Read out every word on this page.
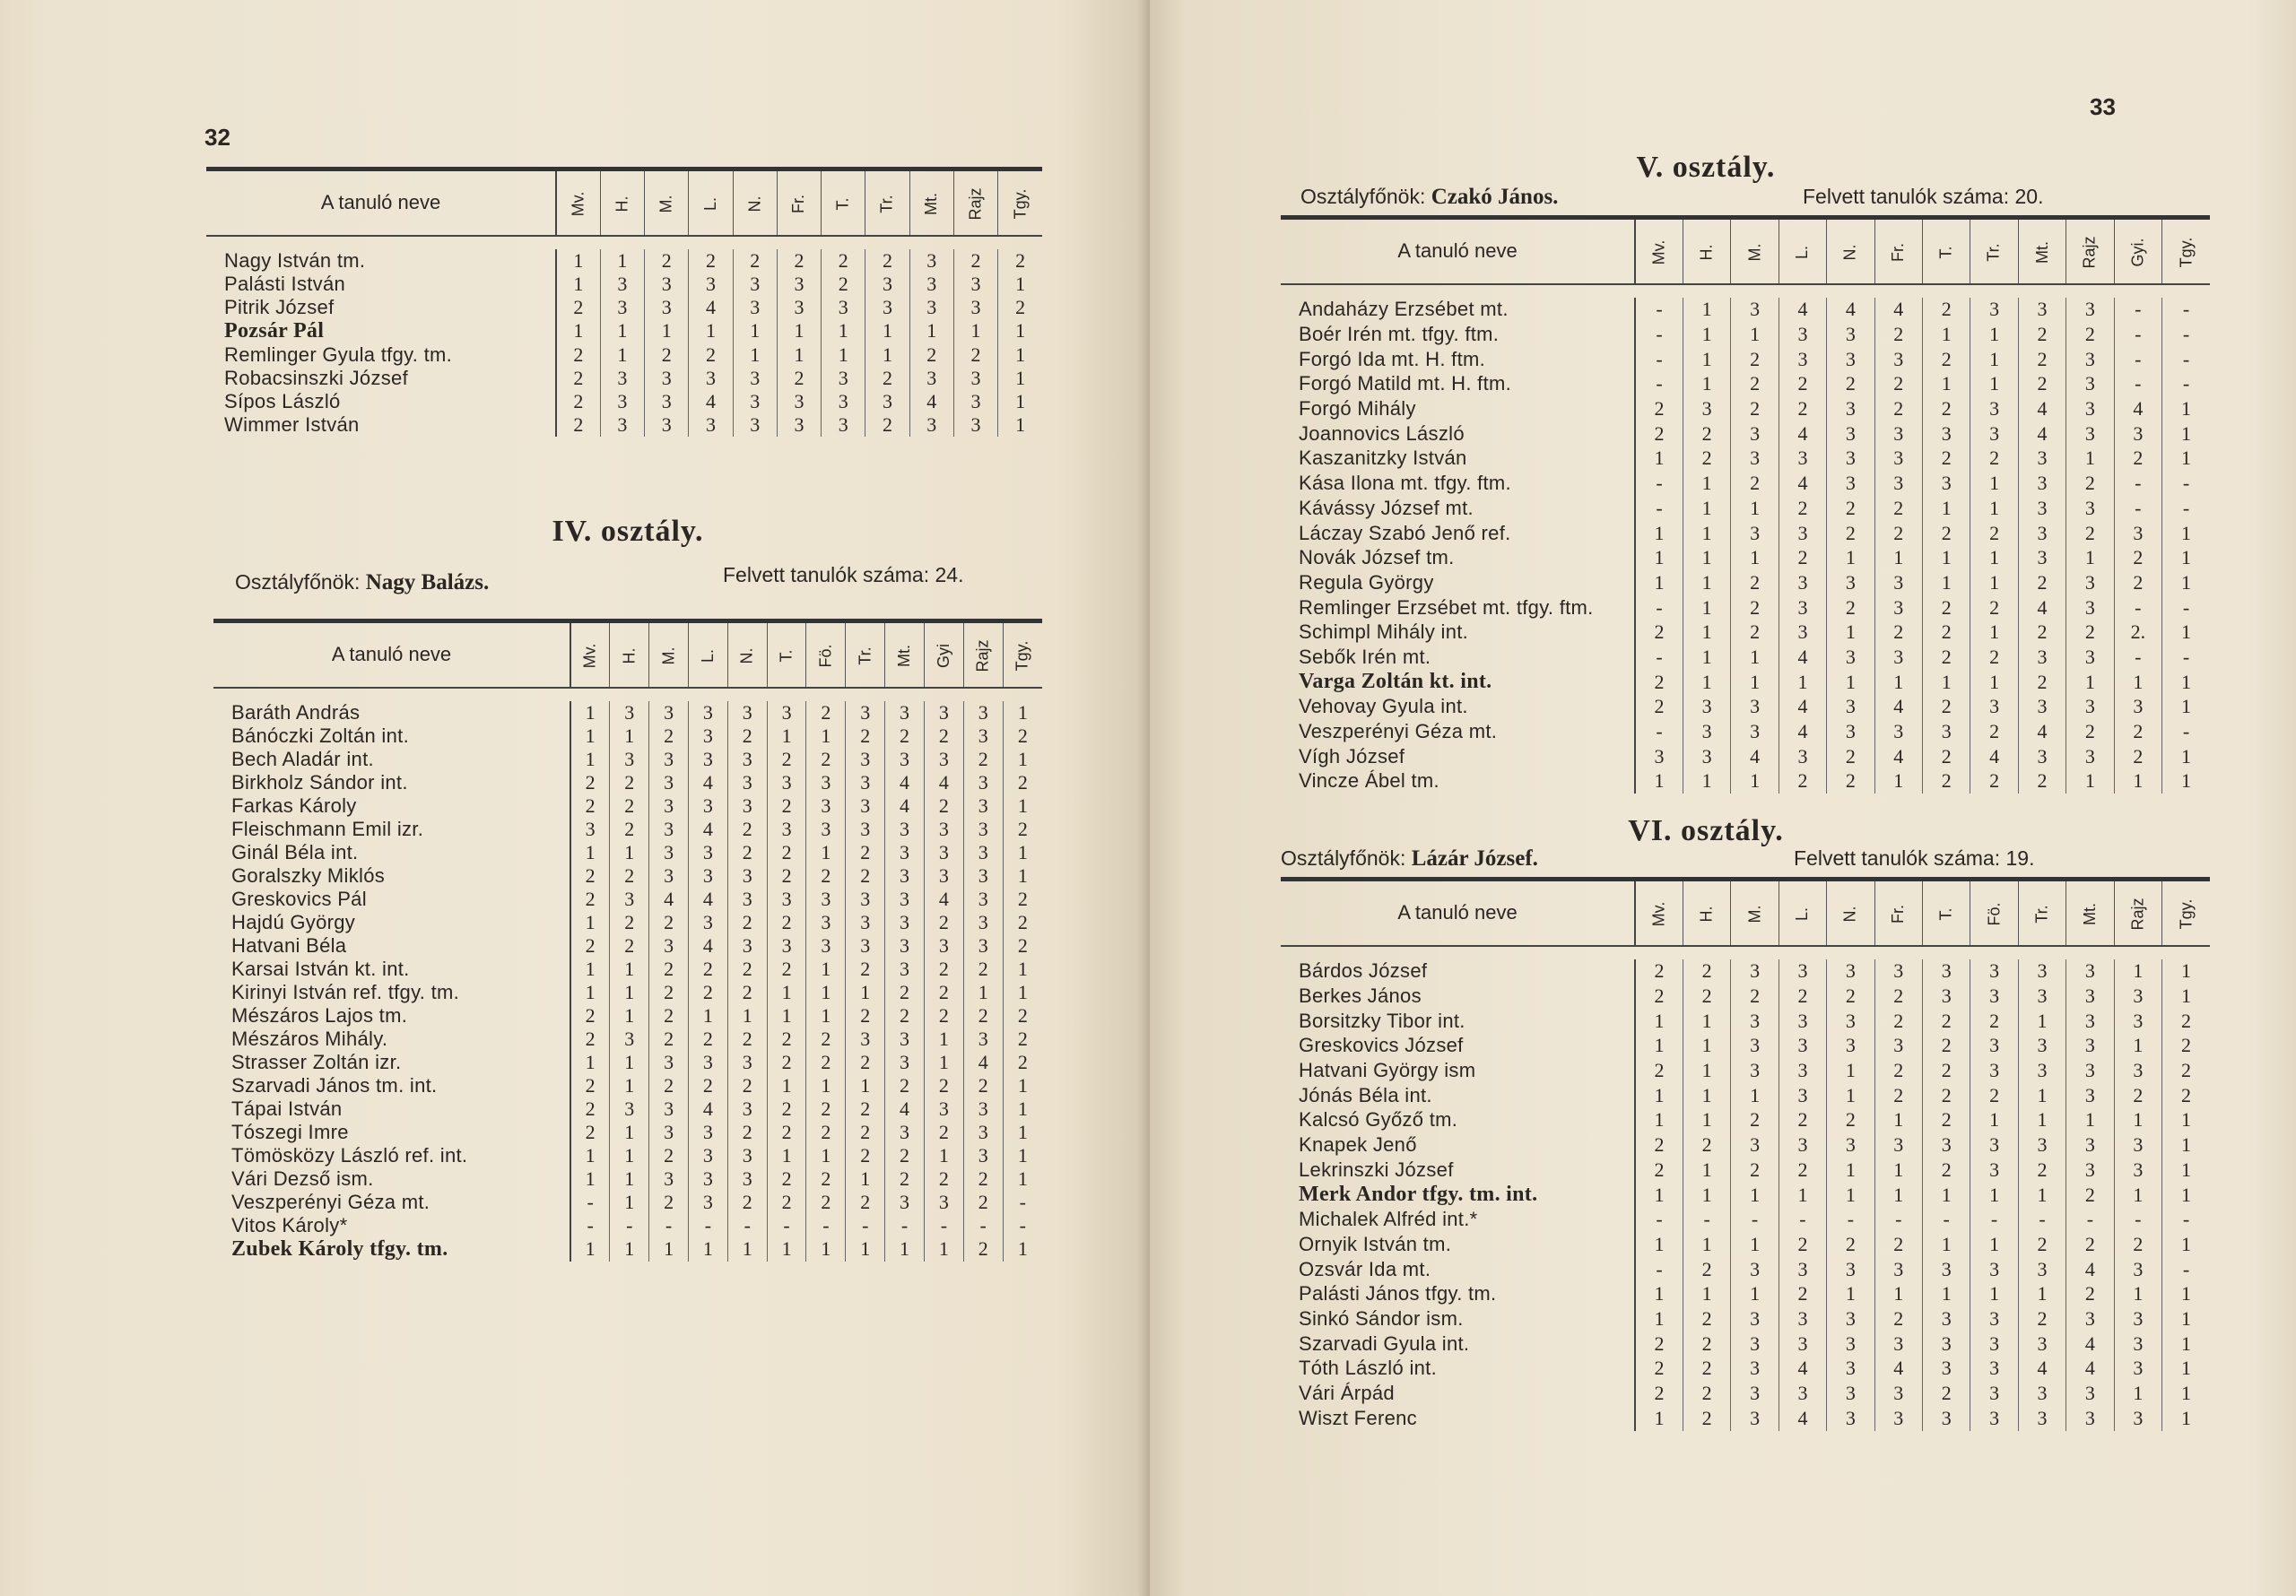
32
A tanuló neve	Mv.	H.	M.	L.	N.	Fr.	T.	Tr.	Mt.	Rajz	Tgy.

Nagy István tm.	1	1	2	2	2	2	2	2	3	2	2
Palásti István	1	3	3	3	3	3	2	3	3	3	1
Pitrik József	2	3	3	4	3	3	3	3	3	3	2
Pozsár Pál	1	1	1	1	1	1	1	1	1	1	1
Remlinger Gyula tfgy. tm.	2	1	2	2	1	1	1	1	2	2	1
Robacsinszki József	2	3	3	3	3	2	3	2	3	3	1
Sípos László	2	3	3	4	3	3	3	3	4	3	1
Wimmer István	2	3	3	3	3	3	3	2	3	3	1
IV. osztály.
Osztályfőnök: Nagy Balázs.	Felvett tanulók száma: 24.
A tanuló neve	Mv.	H.	M.	L.	N.	T.	Fö.	Tr.	Mt.	Gyi	Rajz	Tgy.

Baráth András	1	3	3	3	3	3	2	3	3	3	3	1
Bánóczki Zoltán int.	1	1	2	3	2	1	1	2	2	2	3	2
Bech Aladár int.	1	3	3	3	3	2	2	3	3	3	2	1
Birkholz Sándor int.	2	2	3	4	3	3	3	3	4	4	3	2
Farkas Károly	2	2	3	3	3	2	3	3	4	2	3	1
Fleischmann Emil izr.	3	2	3	4	2	3	3	3	3	3	3	2
Ginál Béla int.	1	1	3	3	2	2	1	2	3	3	3	1
Goralszky Miklós	2	2	3	3	3	2	2	2	3	3	3	1
Greskovics Pál	2	3	4	4	3	3	3	3	3	4	3	2
Hajdú György	1	2	2	3	2	2	3	3	3	2	3	2
Hatvani Béla	2	2	3	4	3	3	3	3	3	3	3	2
Karsai István kt. int.	1	1	2	2	2	2	1	2	3	2	2	1
Kirinyi István ref. tfgy. tm.	1	1	2	2	2	1	1	1	2	2	1	1
Mészáros Lajos tm.	2	1	2	1	1	1	1	2	2	2	2	2
Mészáros Mihály.	2	3	2	2	2	2	2	3	3	1	3	2
Strasser Zoltán izr.	1	1	3	3	3	2	2	2	3	1	4	2
Szarvadi János tm. int.	2	1	2	2	2	1	1	1	2	2	2	1
Tápai István	2	3	3	4	3	2	2	2	4	3	3	1
Tószegi Imre	2	1	3	3	2	2	2	2	3	2	3	1
Tömösközy László ref. int.	1	1	2	3	3	1	1	2	2	1	3	1
Vári Dezső ism.	1	1	3	3	3	2	2	1	2	2	2	1
Veszperényi Géza mt.	-	1	2	3	2	2	2	2	3	3	2	-
Vitos Károly*	-	-	-	-	-	-	-	-	-	-	-	-
Zubek Károly tfgy. tm.	1	1	1	1	1	1	1	1	1	1	2	1
33
V. osztály.
Osztályfőnök: Czakó János.	Felvett tanulók száma: 20.
A tanuló neve	Mv.	H.	M.	L.	N.	Fr.	T.	Tr.	Mt.	Rajz	Gyi.	Tgy.

Andaházy Erzsébet mt.	-	1	3	4	4	4	2	3	3	3	-	-
Boér Irén mt. tfgy. ftm.	-	1	1	3	3	2	1	1	2	2	-	-
Forgó Ida mt. H. ftm.	-	1	2	3	3	3	2	1	2	3	-	-
Forgó Matild mt. H. ftm.	-	1	2	2	2	2	1	1	2	3	-	-
Forgó Mihály	2	3	2	2	3	2	2	3	4	3	4	1
Joannovics László	2	2	3	4	3	3	3	3	4	3	3	1
Kaszanitzky István	1	2	3	3	3	3	2	2	3	1	2	1
Kása Ilona mt. tfgy. ftm.	-	1	2	4	3	3	3	1	3	2	-	-
Kávássy József mt.	-	1	1	2	2	2	1	1	3	3	-	-
Láczay Szabó Jenő ref.	1	1	3	3	2	2	2	2	3	2	3	1
Novák József tm.	1	1	1	2	1	1	1	1	3	1	2	1
Regula György	1	1	2	3	3	3	1	1	2	3	2	1
Remlinger Erzsébet mt. tfgy. ftm.	-	1	2	3	2	3	2	2	4	3	-	-
Schimpl Mihály int.	2	1	2	3	1	2	2	1	2	2	2.	1
Sebők Irén mt.	-	1	1	4	3	3	2	2	3	3	-	-
Varga Zoltán kt. int.	2	1	1	1	1	1	1	1	2	1	1	1
Vehovay Gyula int.	2	3	3	4	3	4	2	3	3	3	3	1
Veszperényi Géza mt.	-	3	3	4	3	3	3	2	4	2	2	-
Vígh József	3	3	4	3	2	4	2	4	3	3	2	1
Vincze Ábel tm.	1	1	1	2	2	1	2	2	2	1	1	1
VI. osztály.
Osztályfőnök: Lázár József.	Felvett tanulók száma: 19.
A tanuló neve	Mv.	H.	M.	L.	N.	Fr.	T.	Fö.	Tr.	Mt.	Rajz	Tgy.

Bárdos József	2	2	3	3	3	3	3	3	3	3	1	1
Berkes János	2	2	2	2	2	2	3	3	3	3	3	1
Borsitzky Tibor int.	1	1	3	3	3	2	2	2	1	3	3	2
Greskovics József	1	1	3	3	3	3	2	3	3	3	1	2
Hatvani György ism	2	1	3	3	1	2	2	3	3	3	3	2
Jónás Béla int.	1	1	1	3	1	2	2	2	1	3	2	2
Kalcsó Győző tm.	1	1	2	2	2	1	2	1	1	1	1	1
Knapek Jenő	2	2	3	3	3	3	3	3	3	3	3	1
Lekrinszki József	2	1	2	2	1	1	2	3	2	3	3	1
Merk Andor tfgy. tm. int.	1	1	1	1	1	1	1	1	1	2	1	1
Michalek Alfréd int.*	-	-	-	-	-	-	-	-	-	-	-	-
Ornyik István tm.	1	1	1	2	2	2	1	1	2	2	2	1
Ozsvár Ida mt.	-	2	3	3	3	3	3	3	3	4	3	-
Palásti János tfgy. tm.	1	1	1	2	1	1	1	1	1	2	1	1
Sinkó Sándor ism.	1	2	3	3	3	2	3	3	2	3	3	1
Szarvadi Gyula int.	2	2	3	3	3	3	3	3	3	4	3	1
Tóth László int.	2	2	3	4	3	4	3	3	4	4	3	1
Vári Árpád	2	2	3	3	3	3	2	3	3	3	1	1
Wiszt Ferenc	1	2	3	4	3	3	3	3	3	3	3	1
